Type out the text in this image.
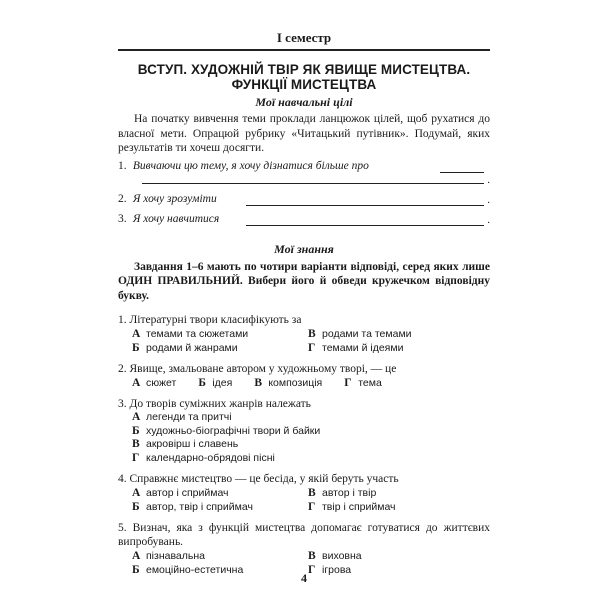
І семестр
ВСТУП. ХУДОЖНІЙ ТВІР ЯК ЯВИЩЕ МИСТЕЦТВА.
ФУНКЦІЇ МИСТЕЦТВА
Мої навчальні цілі
На початку вивчення теми проклади ланцюжок цілей, щоб рухатися до власної мети. Опрацюй рубрику «Читацький путівник». Подумай, яких результатів ти хочеш досягти.
1. Вивчаючи цю тему, я хочу дізнатися більше про
.
2. Я хочу зрозуміти	.
3. Я хочу навчитися	.
Мої знання
Завдання 1–6 мають по чотири варіанти відповіді, серед яких лише ОДИН ПРАВИЛЬНИЙ. Вибери його й обведи кружечком відповідну букву.
1. Літературні твори класифікують за
А темами та сюжетами	В родами та темами
Б родами й жанрами	Г темами й ідеями
2. Явище, змальоване автором у художньому творі, — це
А сюжет Б ідея В композиція Г тема
3. До творів суміжних жанрів належать
А легенди та притчі
Б художньо-біографічні твори й байки
В акровірш і славень
Г календарно-обрядові пісні
4. Справжнє мистецтво — це бесіда, у якій беруть участь
А автор і сприймач	В автор і твір
Б автор, твір і сприймач	Г твір і сприймач
5. Визнач, яка з функцій мистецтва допомагає готуватися до життєвих випробувань.
А пізнавальна	В виховна
Б емоційно-естетична	Г ігрова
4
